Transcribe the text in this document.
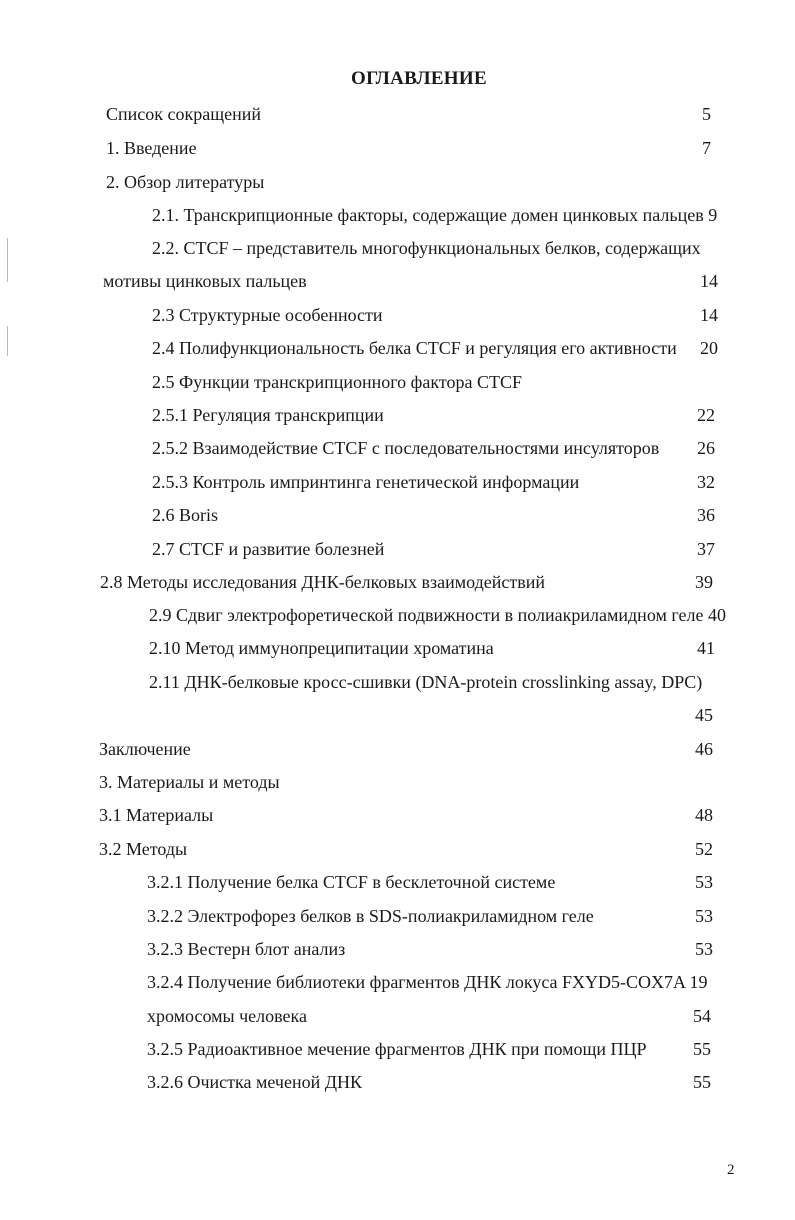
ОГЛАВЛЕНИЕ
Список сокращений	5
1. Введение	7
2. Обзор литературы
2.1. Транскрипционные факторы, содержащие домен цинковых пальцев 9
2.2. CTCF – представитель многофункциональных белков, содержащих
мотивы цинковых пальцев	14
2.3 Структурные особенности	14
2.4 Полифункциональность белка CTCF и регуляция его активности 20
2.5 Функции транскрипционного фактора CTCF
2.5.1 Регуляция транскрипции	22
2.5.2 Взаимодействие CTCF с последовательностями инсуляторов 26
2.5.3 Контроль импринтинга генетической информации	32
2.6 Boris	36
2.7 CTCF и развитие болезней	37
2.8 Методы исследования ДНК-белковых взаимодействий	39
2.9 Сдвиг электрофоретической подвижности в полиакриламидном геле 40
2.10 Метод иммунопреципитации хроматина	41
2.11 ДНК-белковые кросс-сшивки (DNA-protein crosslinking assay, DPC)
45
Заключение	46
3. Материалы и методы
3.1 Материалы	48
3.2 Методы	52
3.2.1 Получение белка CTCF в бесклеточной системе	53
3.2.2 Электрофорез белков в SDS-полиакриламидном геле	53
3.2.3 Вестерн блот анализ	53
3.2.4 Получение библиотеки фрагментов ДНК локуса FXYD5-COX7A 19
хромосомы человека	54
3.2.5 Радиоактивное мечение фрагментов ДНК при помощи ПЦР	55
3.2.6 Очистка меченой ДНК	55
2
